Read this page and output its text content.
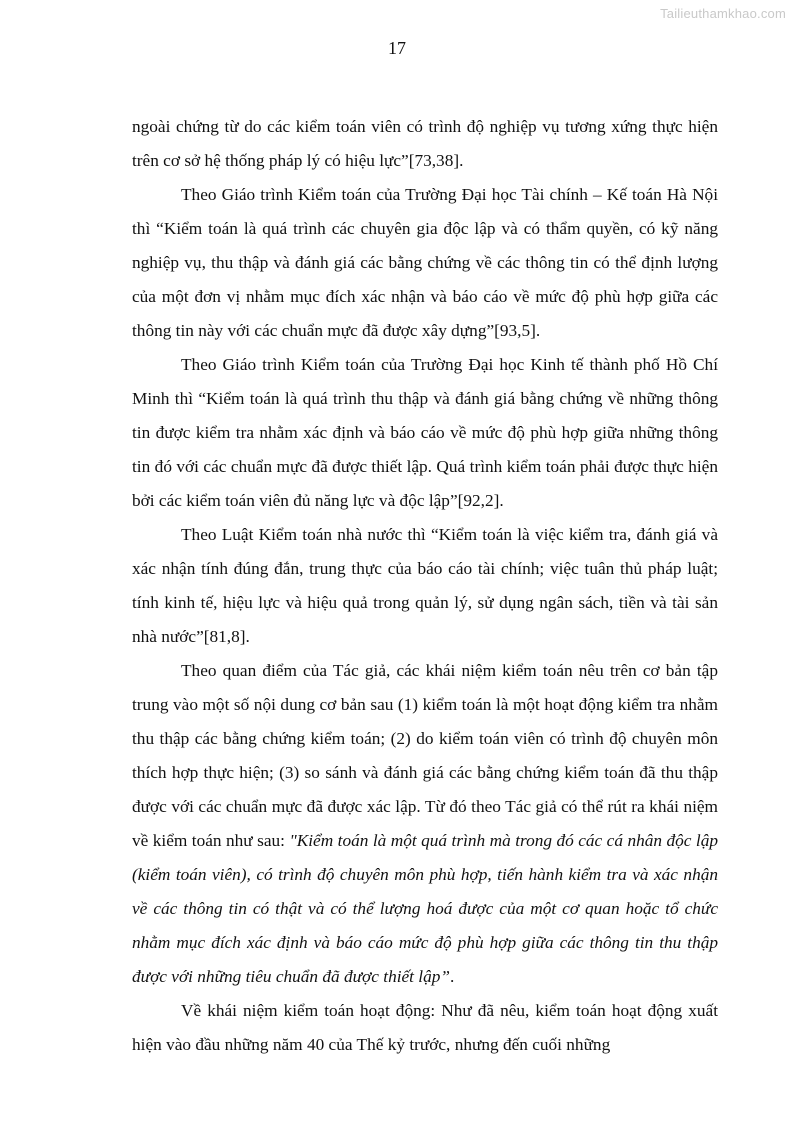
Tailieuthamkhao.com
17

ngoài chứng từ do các kiểm toán viên có trình độ nghiệp vụ tương xứng thực hiện trên cơ sở hệ thống pháp lý có hiệu lực”[73,38].

Theo Giáo trình Kiểm toán của Trường Đại học Tài chính – Kế toán Hà Nội thì “Kiểm toán là quá trình các chuyên gia độc lập và có thẩm quyền, có kỹ năng nghiệp vụ, thu thập và đánh giá các bằng chứng về các thông tin có thể định lượng của một đơn vị nhằm mục đích xác nhận và báo cáo về mức độ phù hợp giữa các thông tin này với các chuẩn mực đã được xây dựng”[93,5].

Theo Giáo trình Kiểm toán của Trường Đại học Kinh tế thành phố Hồ Chí Minh thì “Kiểm toán là quá trình thu thập và đánh giá bằng chứng về những thông tin được kiểm tra nhằm xác định và báo cáo về mức độ phù hợp giữa những thông tin đó với các chuẩn mực đã được thiết lập. Quá trình kiểm toán phải được thực hiện bởi các kiểm toán viên đủ năng lực và độc lập”[92,2].

Theo Luật Kiểm toán nhà nước thì “Kiểm toán là việc kiểm tra, đánh giá và xác nhận tính đúng đắn, trung thực của báo cáo tài chính; việc tuân thủ pháp luật; tính kinh tế, hiệu lực và hiệu quả trong quản lý, sử dụng ngân sách, tiền và tài sản nhà nước”[81,8].

Theo quan điểm của Tác giả, các khái niệm kiểm toán nêu trên cơ bản tập trung vào một số nội dung cơ bản sau (1) kiểm toán là một hoạt động kiểm tra nhằm thu thập các bằng chứng kiểm toán; (2) do kiểm toán viên có trình độ chuyên môn thích hợp thực hiện; (3) so sánh và đánh giá các bằng chứng kiểm toán đã thu thập được với các chuẩn mực đã được xác lập. Từ đó theo Tác giả có thể rút ra khái niệm về kiểm toán như sau: "Kiểm toán là một quá trình mà trong đó các cá nhân độc lập (kiểm toán viên), có trình độ chuyên môn phù hợp, tiến hành kiểm tra và xác nhận về các thông tin có thật và có thể lượng hoá được của một cơ quan hoặc tổ chức nhằm mục đích xác định và báo cáo mức độ phù hợp giữa các thông tin thu thập được với những tiêu chuẩn đã được thiết lập”.

Về khái niệm kiểm toán hoạt động: Như đã nêu, kiểm toán hoạt động xuất hiện vào đầu những năm 40 của Thế kỷ trước, nhưng đến cuối những
